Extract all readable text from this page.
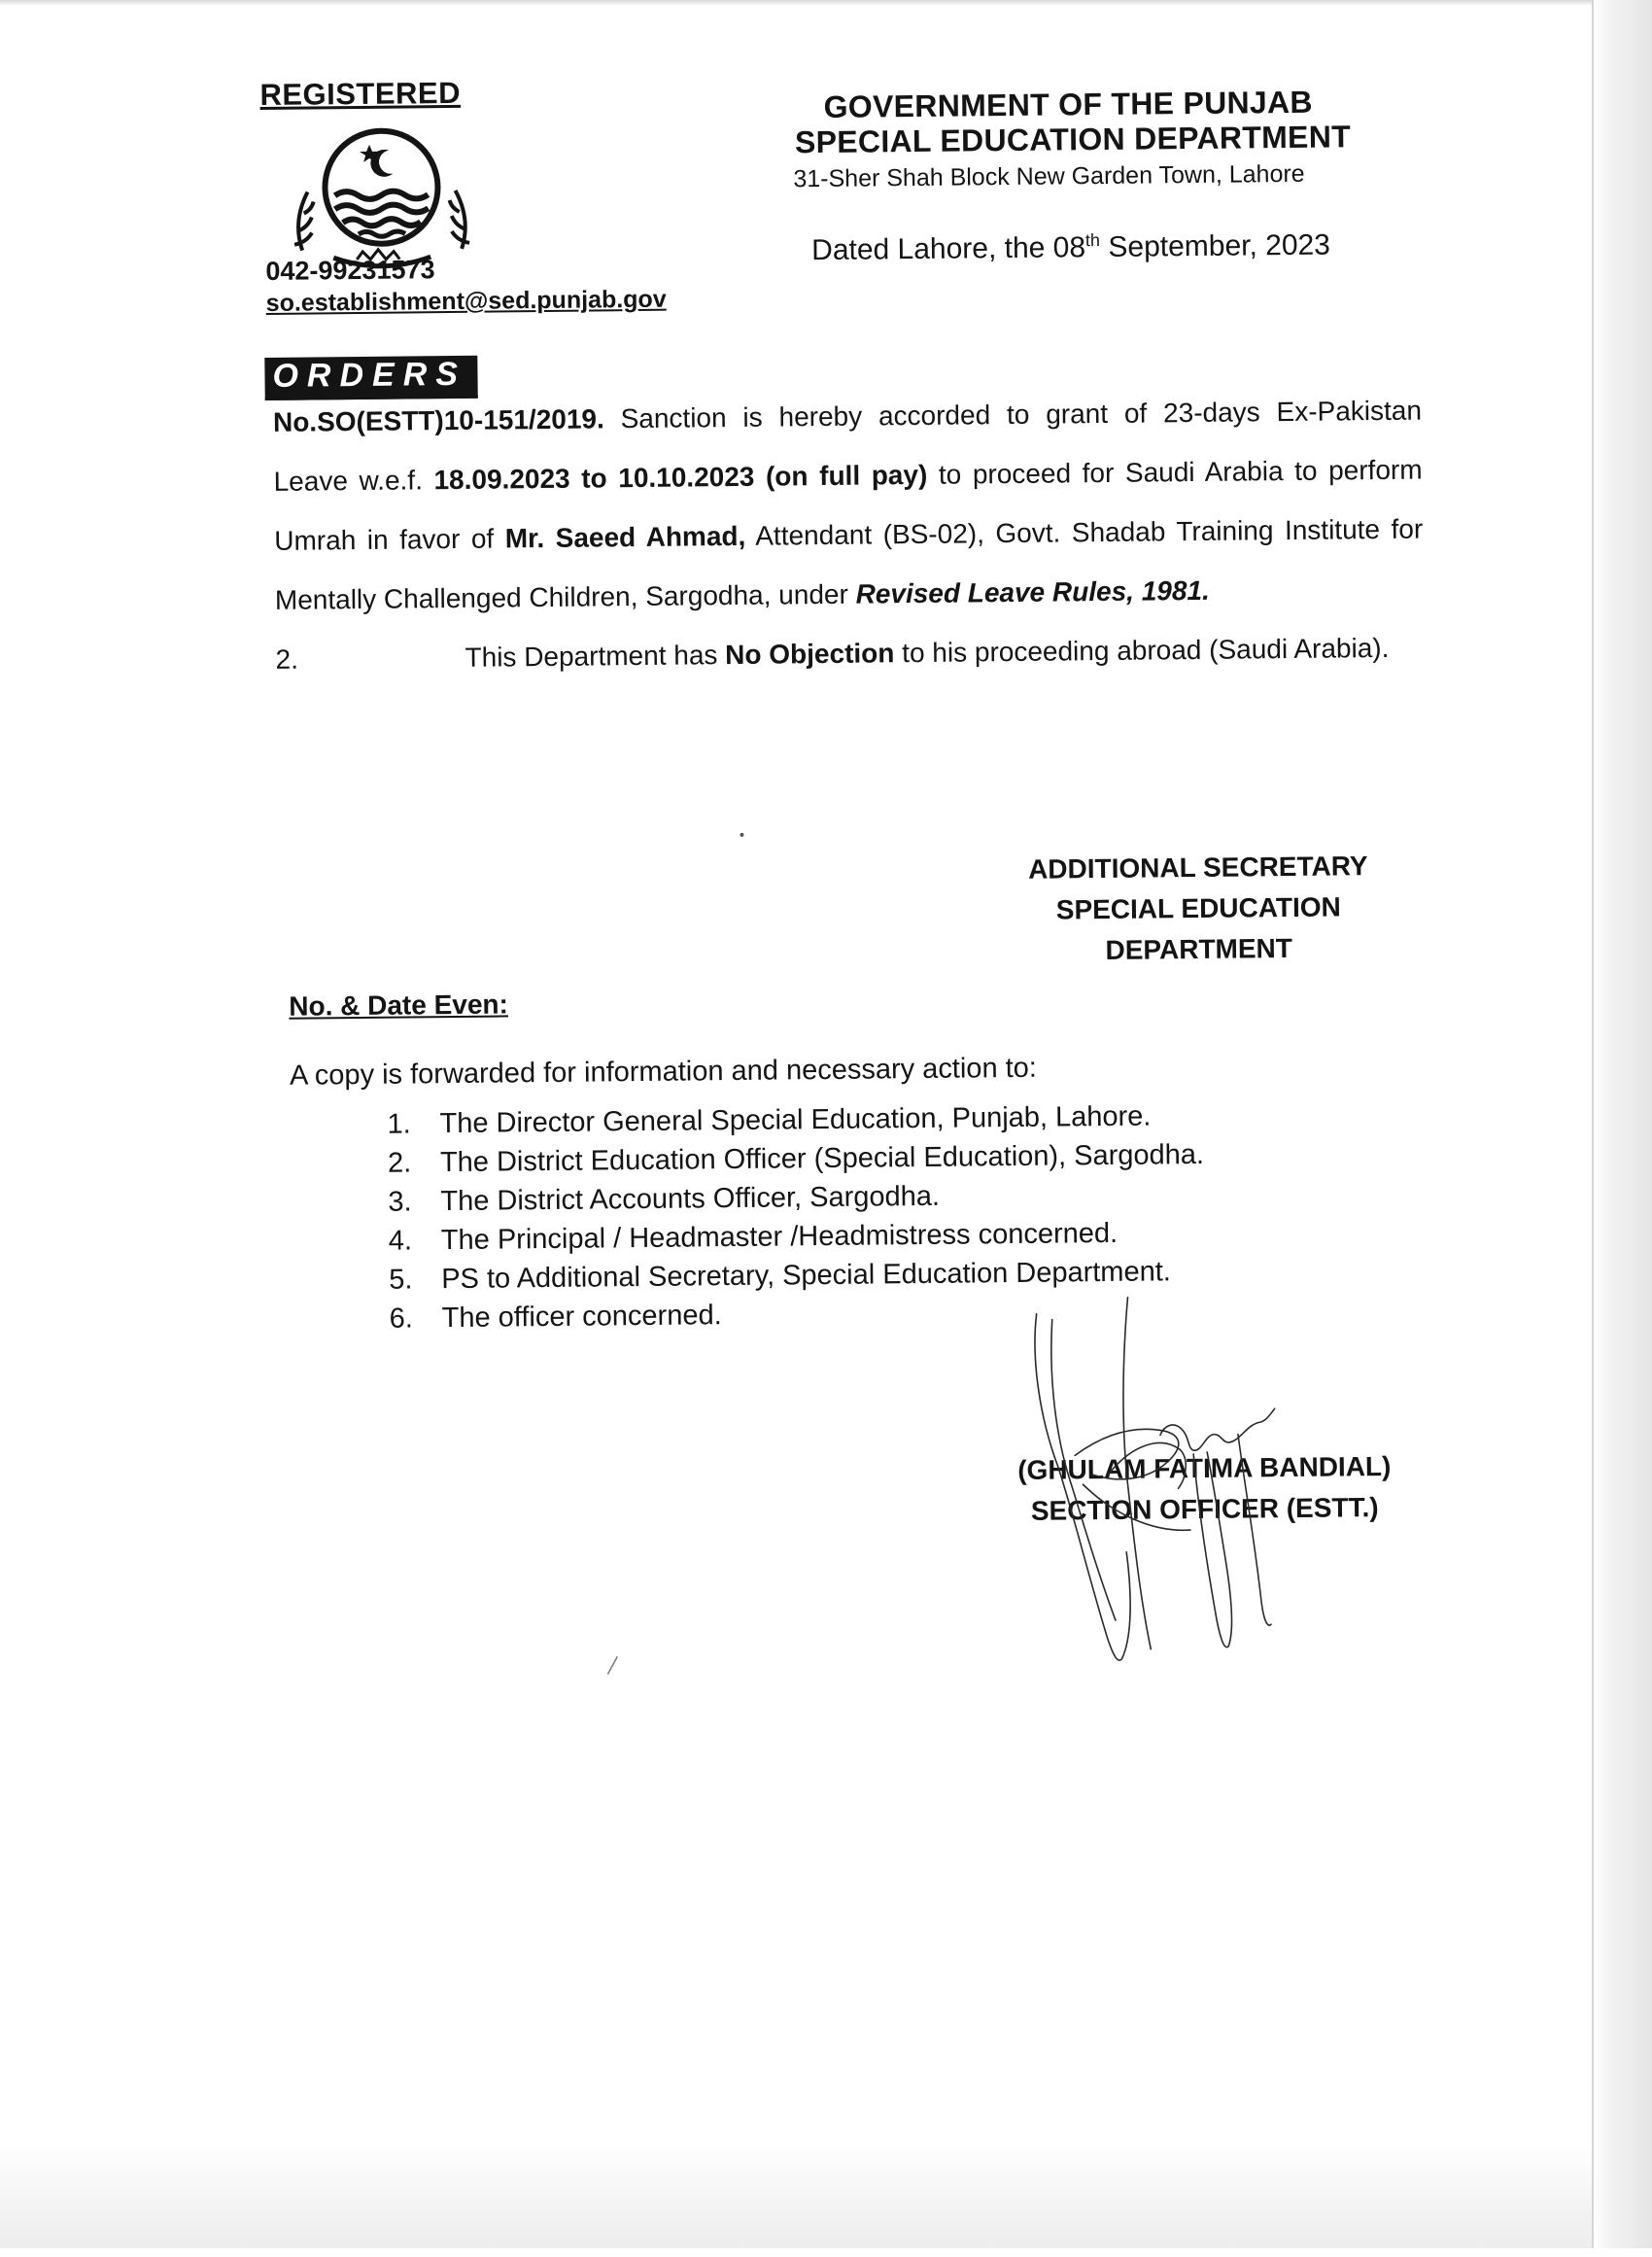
REGISTERED
042-99231573
so.establishment@sed.punjab.gov
GOVERNMENT OF THE PUNJAB
SPECIAL EDUCATION DEPARTMENT
31-Sher Shah Block New Garden Town, Lahore
Dated Lahore, the 08th September, 2023
ORDERS

No.SO(ESTT)10-151/2019. Sanction is hereby accorded to grant of 23-days Ex-Pakistan Leave w.e.f. 18.09.2023 to 10.10.2023 (on full pay) to proceed for Saudi Arabia to perform Umrah in favor of Mr. Saeed Ahmad, Attendant (BS-02), Govt. Shadab Training Institute for Mentally Challenged Children, Sargodha, under Revised Leave Rules, 1981.

2.	This Department has No Objection to his proceeding abroad (Saudi Arabia).

ADDITIONAL SECRETARY
SPECIAL EDUCATION
DEPARTMENT
No. & Date Even:
A copy is forwarded for information and necessary action to:
1.	The Director General Special Education, Punjab, Lahore.
2.	The District Education Officer (Special Education), Sargodha.
3.	The District Accounts Officer, Sargodha.
4.	The Principal / Headmaster /Headmistress concerned.
5.	PS to Additional Secretary, Special Education Department.
6.	The officer concerned.
(GHULAM FATIMA BANDIAL)
SECTION OFFICER (ESTT.)
